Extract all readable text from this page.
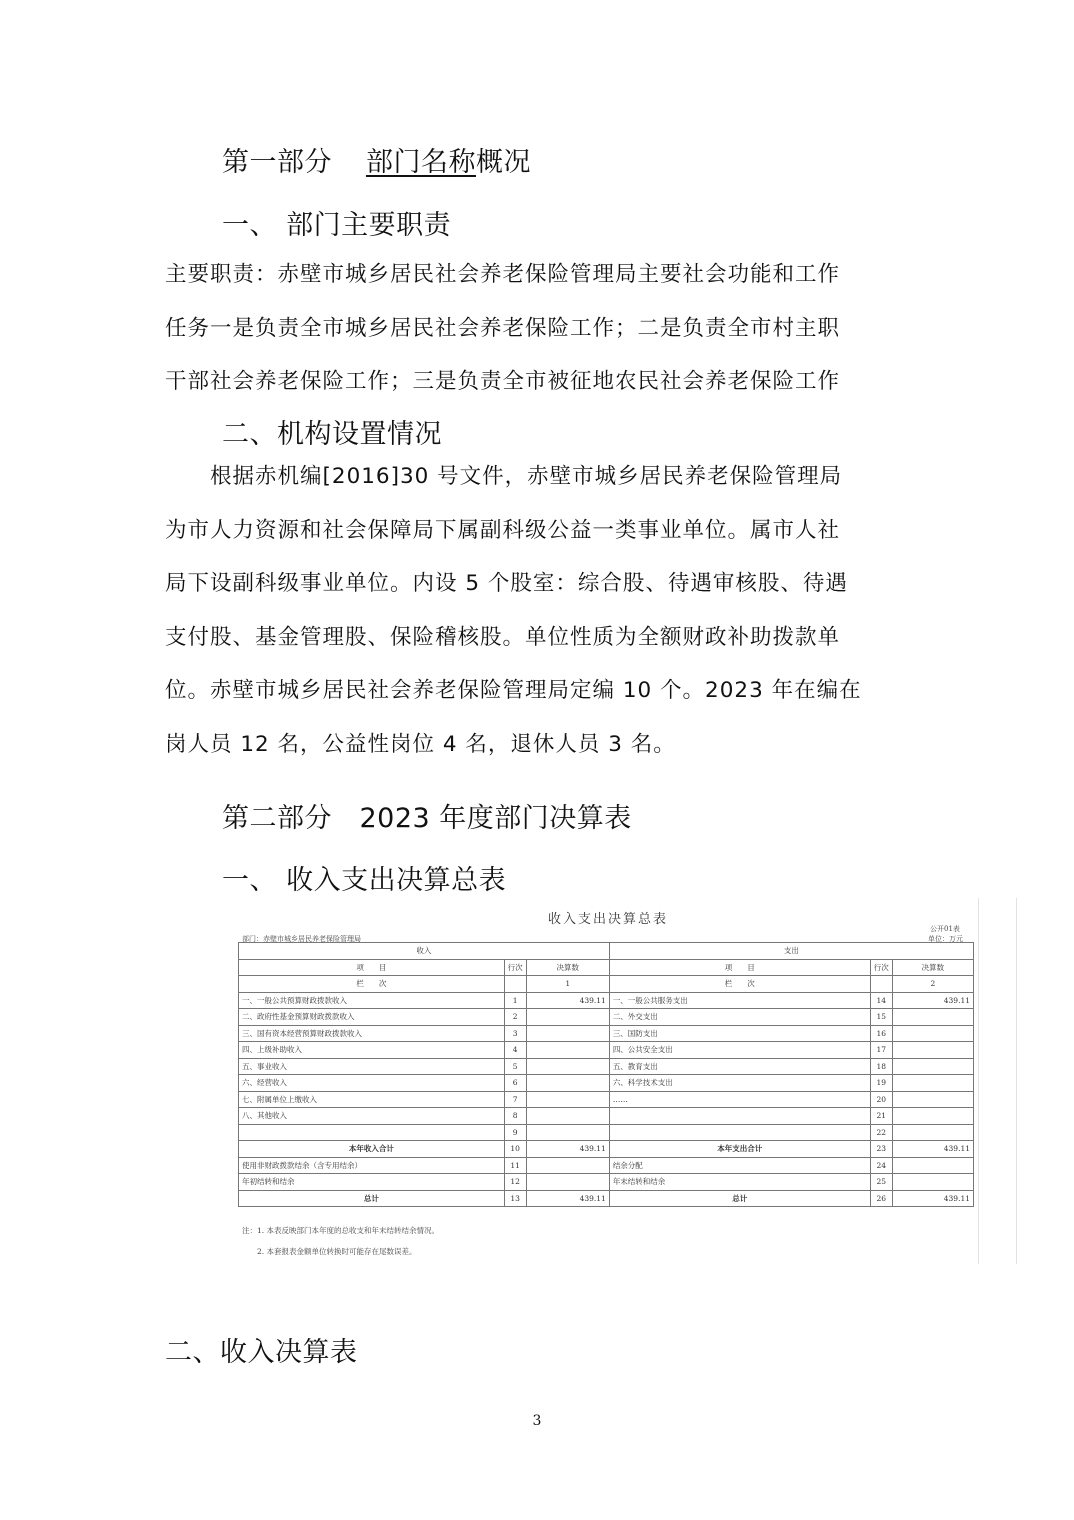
第一部分 部门名称概况
一、 部门主要职责
主要职责：赤壁市城乡居民社会养老保险管理局主要社会功能和工作
任务一是负责全市城乡居民社会养老保险工作；二是负责全市村主职
干部社会养老保险工作；三是负责全市被征地农民社会养老保险工作
二、机构设置情况
　　根据赤机编[2016]30 号文件，赤壁市城乡居民养老保险管理局
为市人力资源和社会保障局下属副科级公益一类事业单位。属市人社
局下设副科级事业单位。内设 5 个股室：综合股、待遇审核股、待遇
支付股、基金管理股、保险稽核股。单位性质为全额财政补助拨款单
位。赤壁市城乡居民社会养老保险管理局定编 10 个。2023 年在编在
岗人员 12 名，公益性岗位 4 名，退休人员 3 名。
第二部分　2023 年度部门决算表
一、 收入支出决算总表
收入支出决算总表
公开01表
单位：万元
部门：赤壁市城乡居民养老保险管理局
收入			支出		
项　　目	行次	决算数	项　　目	行次	决算数
栏　　次		1	栏　　次		2
一、一般公共预算财政拨款收入	1	439.11	一、一般公共服务支出	14	439.11
二、政府性基金预算财政拨款收入	2		二、外交支出	15	
三、国有资本经营预算财政拨款收入	3		三、国防支出	16	
四、上级补助收入	4		四、公共安全支出	17	
五、事业收入	5		五、教育支出	18	
六、经营收入	6		六、科学技术支出	19	
七、附属单位上缴收入	7		……	20	
八、其他收入	8			21	
	9			22	
本年收入合计	10	439.11	本年支出合计	23	439.11
使用非财政拨款结余（含专用结余）	11		结余分配	24	
年初结转和结余	12		年末结转和结余	25	
总计	13	439.11	总计	26	439.11
注：1. 本表反映部门本年度的总收支和年末结转结余情况。
　　2. 本套报表金额单位转换时可能存在尾数误差。
二、收入决算表
3
